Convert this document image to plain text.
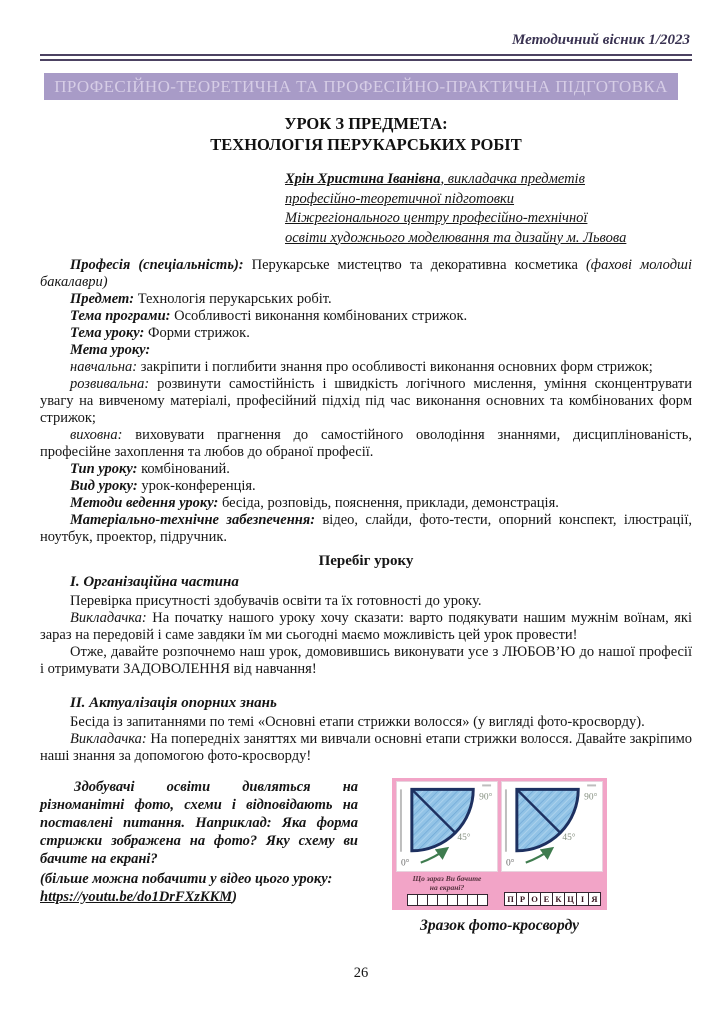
Методичний вісник 1/2023
ПРОФЕСІЙНО-ТЕОРЕТИЧНА ТА ПРОФЕСІЙНО-ПРАКТИЧНА ПІДГОТОВКА
УРОК З ПРЕДМЕТА:
ТЕХНОЛОГІЯ ПЕРУКАРСЬКИХ РОБІТ
Хрін Христина Іванівна, викладачка предметів
професійно-теоретичної підготовки
Міжрегіонального центру професійно-технічної
освіти художнього моделювання та дизайну м. Львова

Професія (спеціальність): Перукарське мистецтво та декоративна косметика (фахові молодші бакалаври)

Предмет: Технологія перукарських робіт.

Тема програми: Особливості виконання комбінованих стрижок.

Тема уроку: Форми стрижок.

Мета уроку:

навчальна: закріпити і поглибити знання про особливості виконання основних форм стрижок;

розвивальна: розвинути самостійність і швидкість логічного мислення, уміння сконцентрувати увагу на вивченому матеріалі, професійний підхід під час виконання основних та комбінованих форм стрижок;

виховна: виховувати прагнення до самостійного оволодіння знаннями, дисциплінованість, професійне захоплення та любов до обраної професії.

Тип уроку: комбінований.

Вид уроку: урок-конференція.

Методи ведення уроку: бесіда, розповідь, пояснення, приклади, демонстрація.

Матеріально-технічне забезпечення: відео, слайди, фото-тести, опорний конспект, ілюстрації, ноутбук, проектор, підручник.

Перебіг уроку

I. Організаційна частина

Перевірка присутності здобувачів освіти та їх готовності до уроку.

Викладачка: На початку нашого уроку хочу сказати: варто подякувати нашим мужнім воїнам, які зараз на передовій і саме завдяки їм ми сьогодні маємо можливість цей урок провести!

Отже, давайте розпочнемо наш урок, домовившись виконувати усе з ЛЮБОВ’Ю до нашої професії і отримувати ЗАДОВОЛЕННЯ від навчання!

II. Актуалізація опорних знань

Бесіда із запитаннями по темі «Основні етапи стрижки волосся» (у вигляді фото-кросворду).

Викладачка: На попередніх заняттях ми вивчали основні етапи стрижки волосся. Давайте закріпимо наші знання за допомогою фото-кросворду!

Здобувачі освіти дивляться на різноманітні фото, схеми і відповідають на поставлені питання. Наприклад: Яка форма стрижки зображена на фото? Яку схему ви бачите на екрані?

(більше можна побачити у відео цього уроку:
https://youtu.be/do1DrFXzKKM)

90°
45°
0°
Що зараз Ви бачите
на екрані?
90°
45°
0°
П Р О Е К Ц І Я
Зразок фото-кросворду
26
